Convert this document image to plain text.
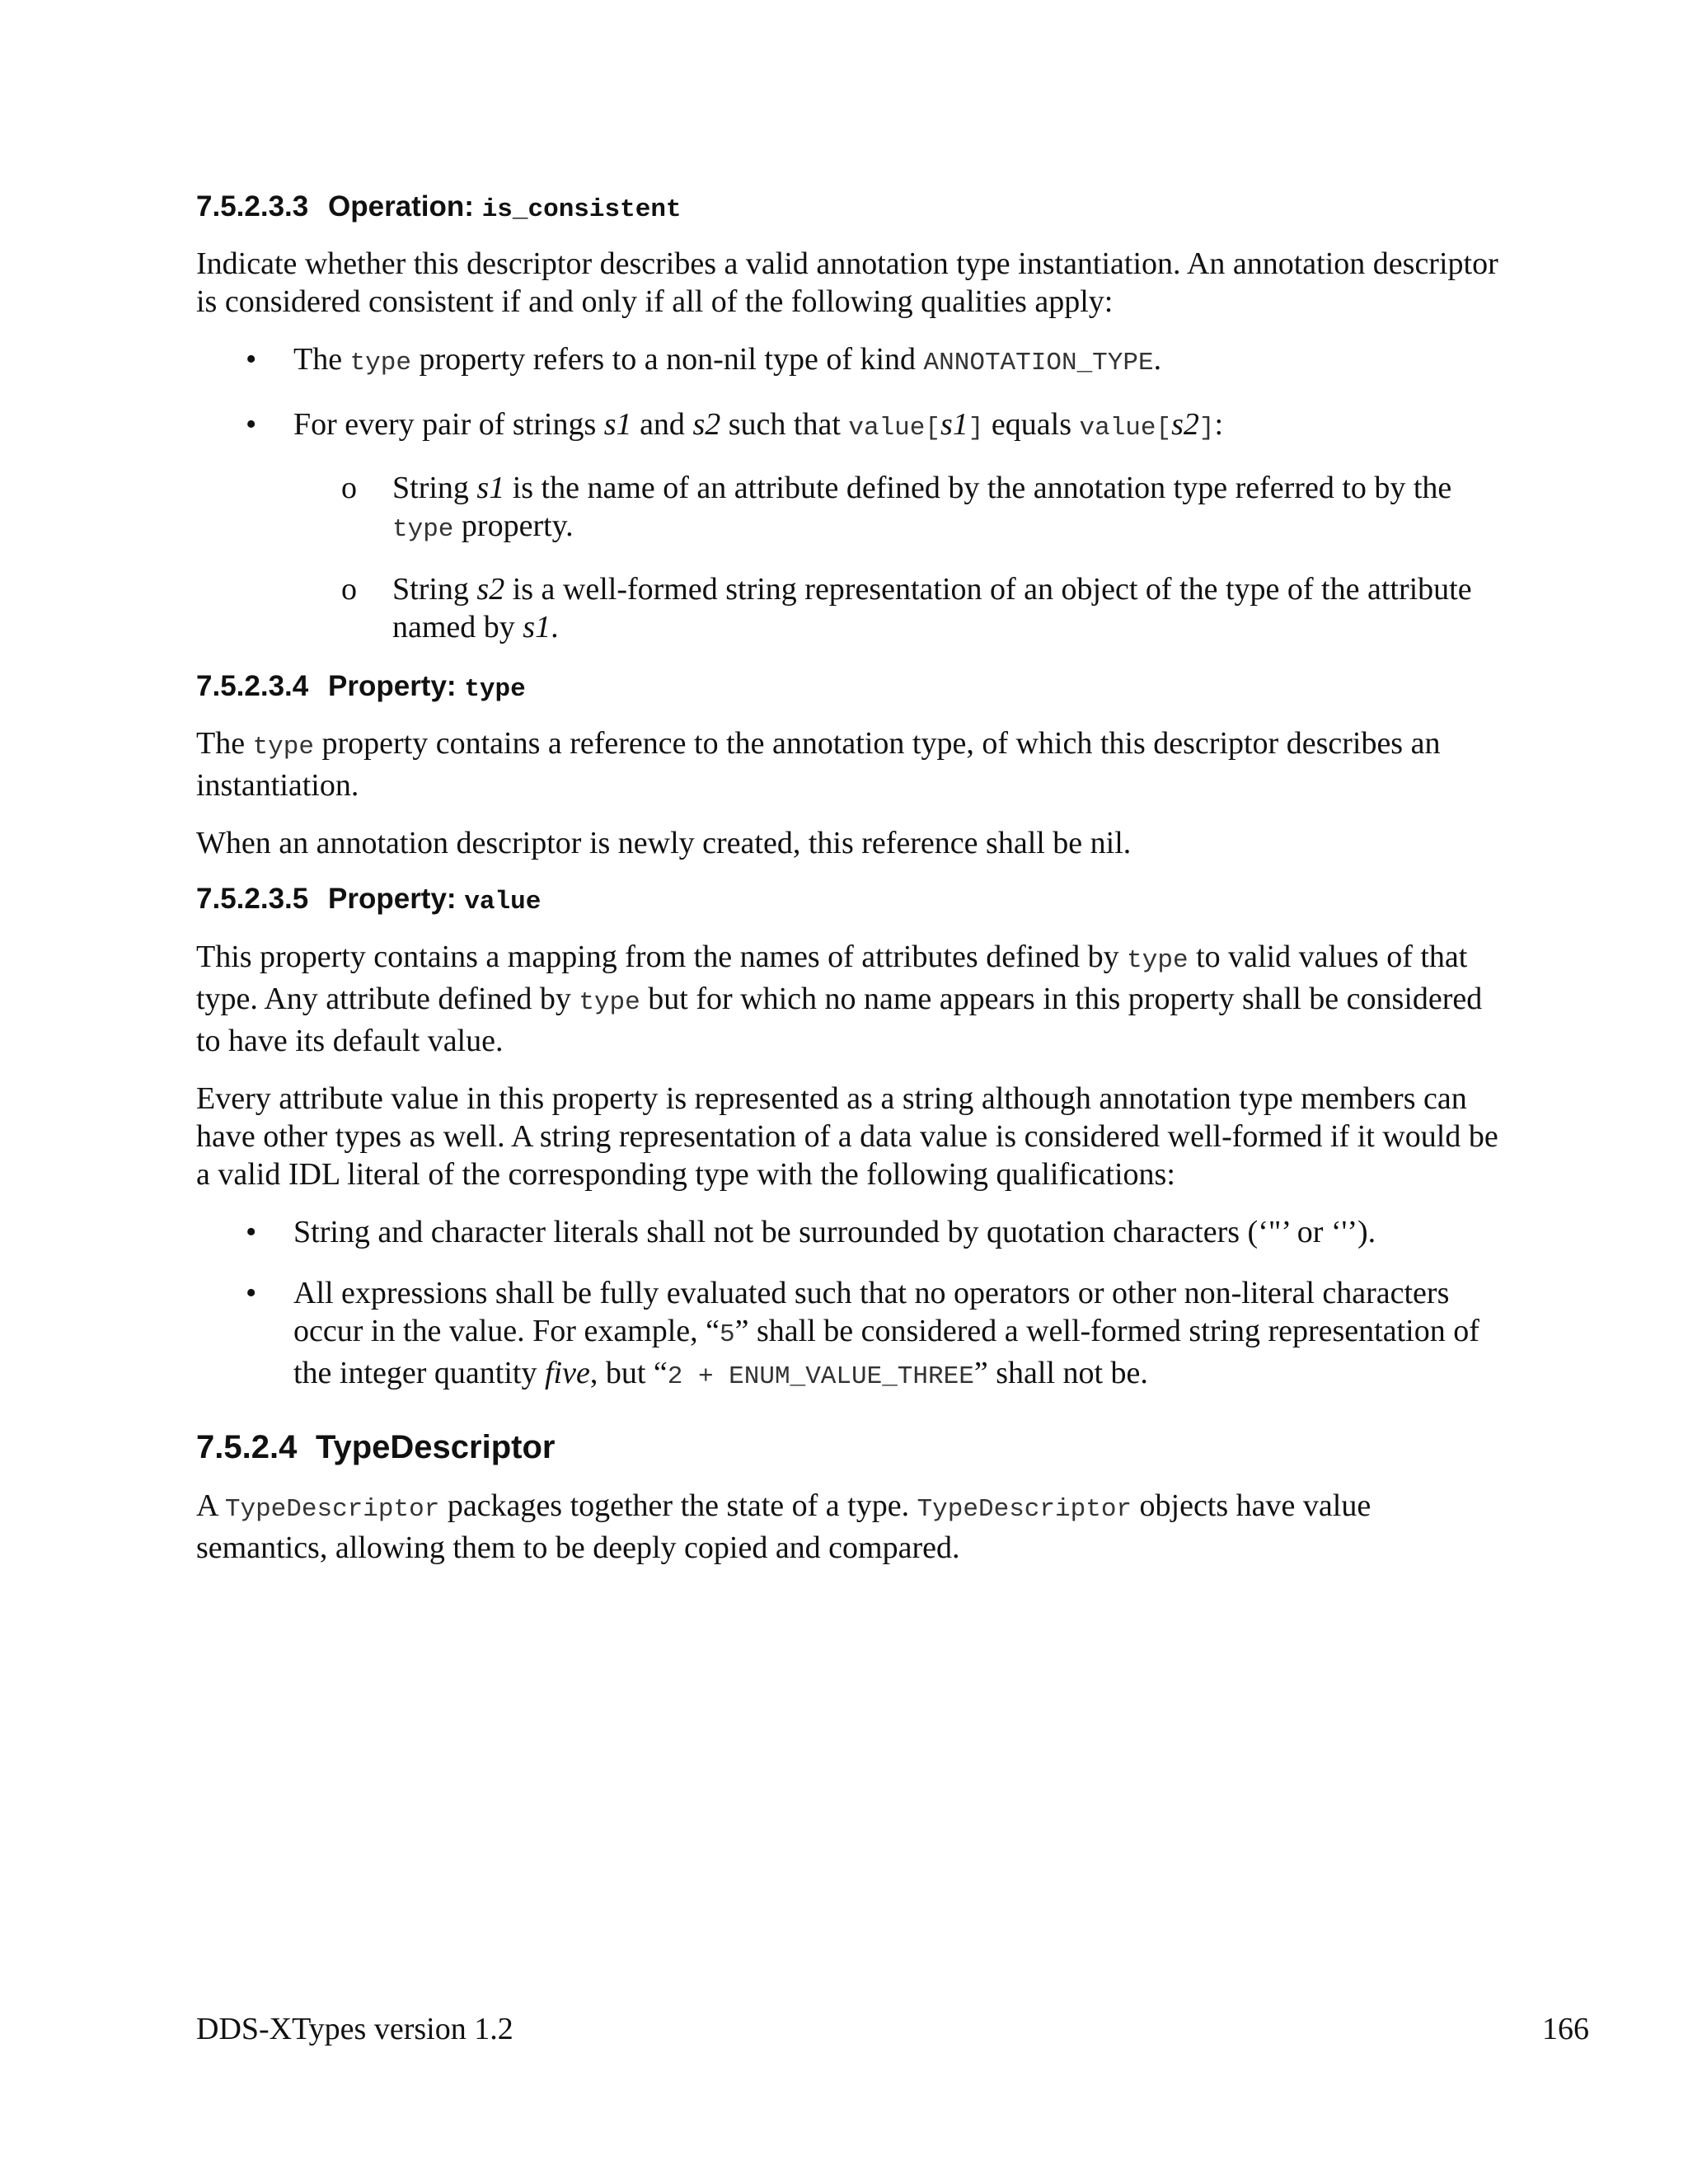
7.5.2.3.3 Operation: is_consistent

Indicate whether this descriptor describes a valid annotation type instantiation. An annotation descriptor is considered consistent if and only if all of the following qualities apply:

• The type property refers to a non-nil type of kind ANNOTATION_TYPE.
• For every pair of strings s1 and s2 such that value[s1] equals value[s2]:
o String s1 is the name of an attribute defined by the annotation type referred to by the type property.
o String s2 is a well-formed string representation of an object of the type of the attribute named by s1.
7.5.2.3.4 Property: type

The type property contains a reference to the annotation type, of which this descriptor describes an instantiation.

When an annotation descriptor is newly created, this reference shall be nil.

7.5.2.3.5 Property: value

This property contains a mapping from the names of attributes defined by type to valid values of that type. Any attribute defined by type but for which no name appears in this property shall be considered to have its default value.

Every attribute value in this property is represented as a string although annotation type members can have other types as well. A string representation of a data value is considered well-formed if it would be a valid IDL literal of the corresponding type with the following qualifications:

• String and character literals shall not be surrounded by quotation characters (‘"’ or ‘'’).
• All expressions shall be fully evaluated such that no operators or other non-literal characters occur in the value. For example, “5” shall be considered a well-formed string representation of the integer quantity five, but “2 + ENUM_VALUE_THREE” shall not be.
7.5.2.4 TypeDescriptor

A TypeDescriptor packages together the state of a type. TypeDescriptor objects have value semantics, allowing them to be deeply copied and compared.

DDS-XTypes version 1.2	166
